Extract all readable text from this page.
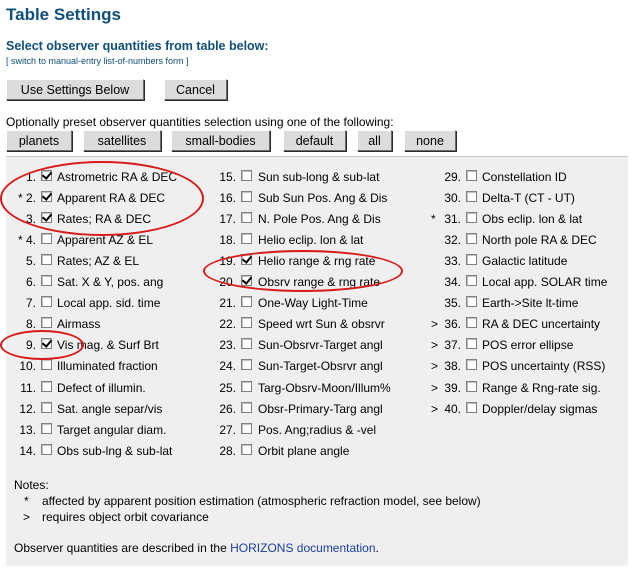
Table Settings
Select observer quantities from table below:
[ switch to manual-entry list-of-numbers form ]
Use Settings Below	Cancel
Optionally preset observer quantities selection using one of the following:
planets	satellites	small-bodies	default	all	none
1. Astrometric RA & DEC
* 2. Apparent RA & DEC
3. Rates; RA & DEC
* 4. Apparent AZ & EL
5. Rates; AZ & EL
6. Sat. X & Y, pos. ang
7. Local app. sid. time
8. Airmass
9. Vis mag. & Surf Brt
10. Illuminated fraction
11. Defect of illumin.
12. Sat. angle separ/vis
13. Target angular diam.
14. Obs sub-lng & sub-lat
15. Sun sub-long & sub-lat
16. Sub Sun Pos. Ang & Dis
17. N. Pole Pos. Ang & Dis
18. Helio eclip. lon & lat
19. Helio range & rng rate
20. Obsrv range & rng rate
21. One-Way Light-Time
22. Speed wrt Sun & obsrvr
23. Sun-Obsrvr-Target angl
24. Sun-Target-Obsrvr angl
25. Targ-Obsrv-Moon/Illum%
26. Obsr-Primary-Targ angl
27. Pos. Ang;radius & -vel
28. Orbit plane angle
29. Constellation ID
30. Delta-T (CT - UT)
* 31. Obs eclip. lon & lat
32. North pole RA & DEC
33. Galactic latitude
34. Local app. SOLAR time
35. Earth->Site lt-time
> 36. RA & DEC uncertainty
> 37. POS error ellipse
> 38. POS uncertainty (RSS)
> 39. Range & Rng-rate sig.
> 40. Doppler/delay sigmas
Notes:
* affected by apparent position estimation (atmospheric refraction model, see below)
> requires object orbit covariance
Observer quantities are described in the HORIZONS documentation.
